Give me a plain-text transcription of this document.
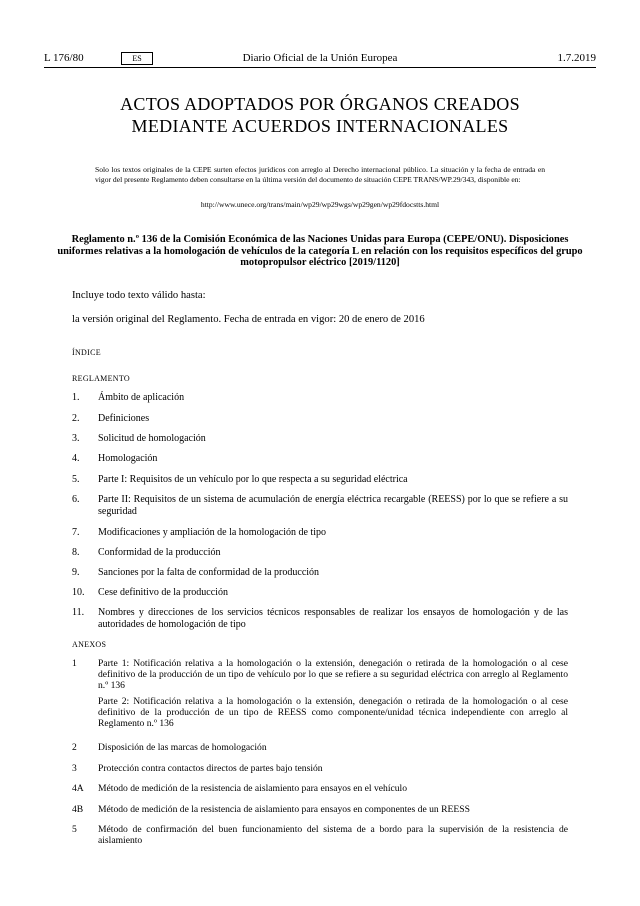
L 176/80	ES	Diario Oficial de la Unión Europea	1.7.2019
ACTOS ADOPTADOS POR ÓRGANOS CREADOS
MEDIANTE ACUERDOS INTERNACIONALES
Solo los textos originales de la CEPE surten efectos jurídicos con arreglo al Derecho internacional público. La situación y la fecha de entrada en vigor del presente Reglamento deben consultarse en la última versión del documento de situación CEPE TRANS/WP.29/343, disponible en:
http://www.unece.org/trans/main/wp29/wp29wgs/wp29gen/wp29fdocstts.html
Reglamento n.º 136 de la Comisión Económica de las Naciones Unidas para Europa (CEPE/ONU). Disposiciones uniformes relativas a la homologación de vehículos de la categoría L en relación con los requisitos específicos del grupo motopropulsor eléctrico [2019/1120]
Incluye todo texto válido hasta:
la versión original del Reglamento. Fecha de entrada en vigor: 20 de enero de 2016
ÍNDICE
REGLAMENTO
1. Ámbito de aplicación
2. Definiciones
3. Solicitud de homologación
4. Homologación
5. Parte I: Requisitos de un vehículo por lo que respecta a su seguridad eléctrica
6. Parte II: Requisitos de un sistema de acumulación de energía eléctrica recargable (REESS) por lo que se refiere a su seguridad
7. Modificaciones y ampliación de la homologación de tipo
8. Conformidad de la producción
9. Sanciones por la falta de conformidad de la producción
10. Cese definitivo de la producción
11. Nombres y direcciones de los servicios técnicos responsables de realizar los ensayos de homologación y de las autoridades de homologación de tipo
ANEXOS
1 Parte 1: Notificación relativa a la homologación o la extensión, denegación o retirada de la homologación o al cese definitivo de la producción de un tipo de vehículo por lo que se refiere a su seguridad eléctrica con arreglo al Reglamento n.º 136

Parte 2: Notificación relativa a la homologación o la extensión, denegación o retirada de la homologación o al cese definitivo de la producción de un tipo de REESS como componente/unidad técnica independiente con arreglo al Reglamento n.º 136

2 Disposición de las marcas de homologación
3 Protección contra contactos directos de partes bajo tensión
4A Método de medición de la resistencia de aislamiento para ensayos en el vehículo
4B Método de medición de la resistencia de aislamiento para ensayos en componentes de un REESS
5 Método de confirmación del buen funcionamiento del sistema de a bordo para la supervisión de la resistencia de aislamiento
